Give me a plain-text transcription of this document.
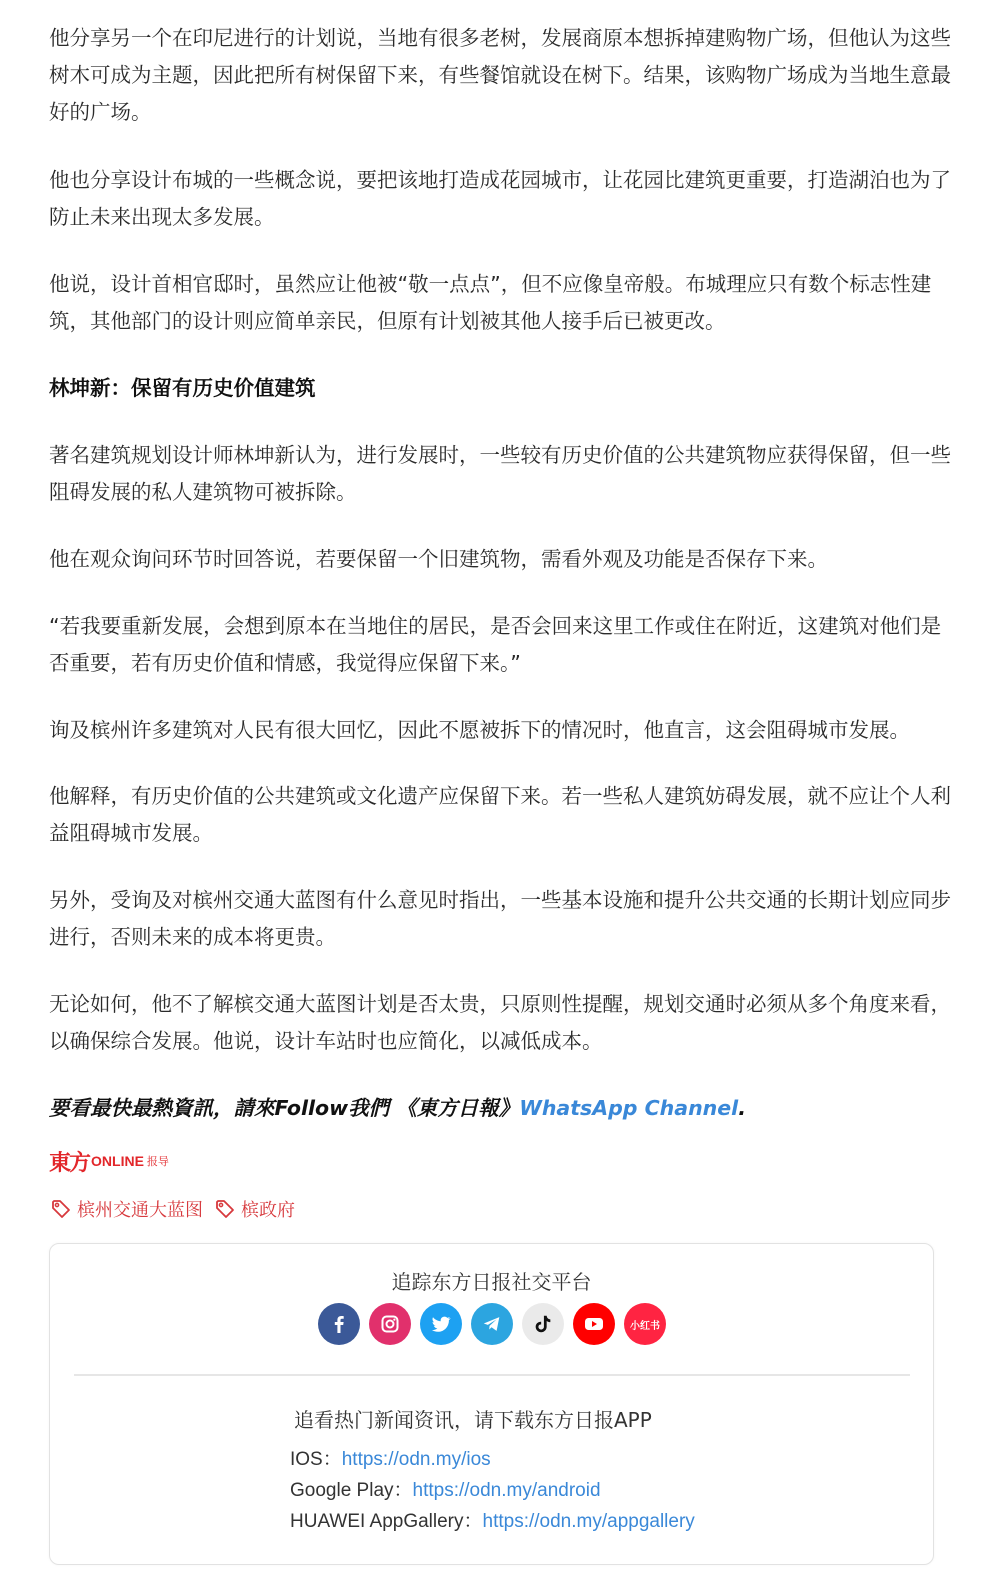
他分享另一个在印尼进行的计划说，当地有很多老树，发展商原本想拆掉建购物广场，但他认为这些树木可成为主题，因此把所有树保留下来，有些餐馆就设在树下。结果，该购物广场成为当地生意最好的广场。

他也分享设计布城的一些概念说，要把该地打造成花园城市，让花园比建筑更重要，打造湖泊也为了防止未来出现太多发展。

他说，设计首相官邸时，虽然应让他被“敬一点点”，但不应像皇帝般。布城理应只有数个标志性建筑，其他部门的设计则应简单亲民，但原有计划被其他人接手后已被更改。

林坤新：保留有历史价值建筑

著名建筑规划设计师林坤新认为，进行发展时，一些较有历史价值的公共建筑物应获得保留，但一些阻碍发展的私人建筑物可被拆除。

他在观众询问环节时回答说，若要保留一个旧建筑物，需看外观及功能是否保存下来。

“若我要重新发展，会想到原本在当地住的居民，是否会回来这里工作或住在附近，这建筑对他们是否重要，若有历史价值和情感，我觉得应保留下来。”

询及槟州许多建筑对人民有很大回忆，因此不愿被拆下的情况时，他直言，这会阻碍城市发展。

他解释，有历史价值的公共建筑或文化遗产应保留下来。若一些私人建筑妨碍发展，就不应让个人利益阻碍城市发展。

另外，受询及对槟州交通大蓝图有什么意见时指出，一些基本设施和提升公共交通的长期计划应同步进行，否则未来的成本将更贵。

无论如何，他不了解槟交通大蓝图计划是否太贵，只原则性提醒，规划交通时必须从多个角度来看，以确保综合发展。他说，设计车站时也应简化，以减低成本。

要看最快最熱資訊，請來Follow我們 《東方日報》WhatsApp Channel.

東方 ONLINE 报导
槟州交通大蓝图 槟政府
追踪东方日报社交平台
小红书
追看热门新闻资讯，请下载东方日报APP
IOS：https://odn.my/ios
Google Play：https://odn.my/android
HUAWEI AppGallery：https://odn.my/appgallery
